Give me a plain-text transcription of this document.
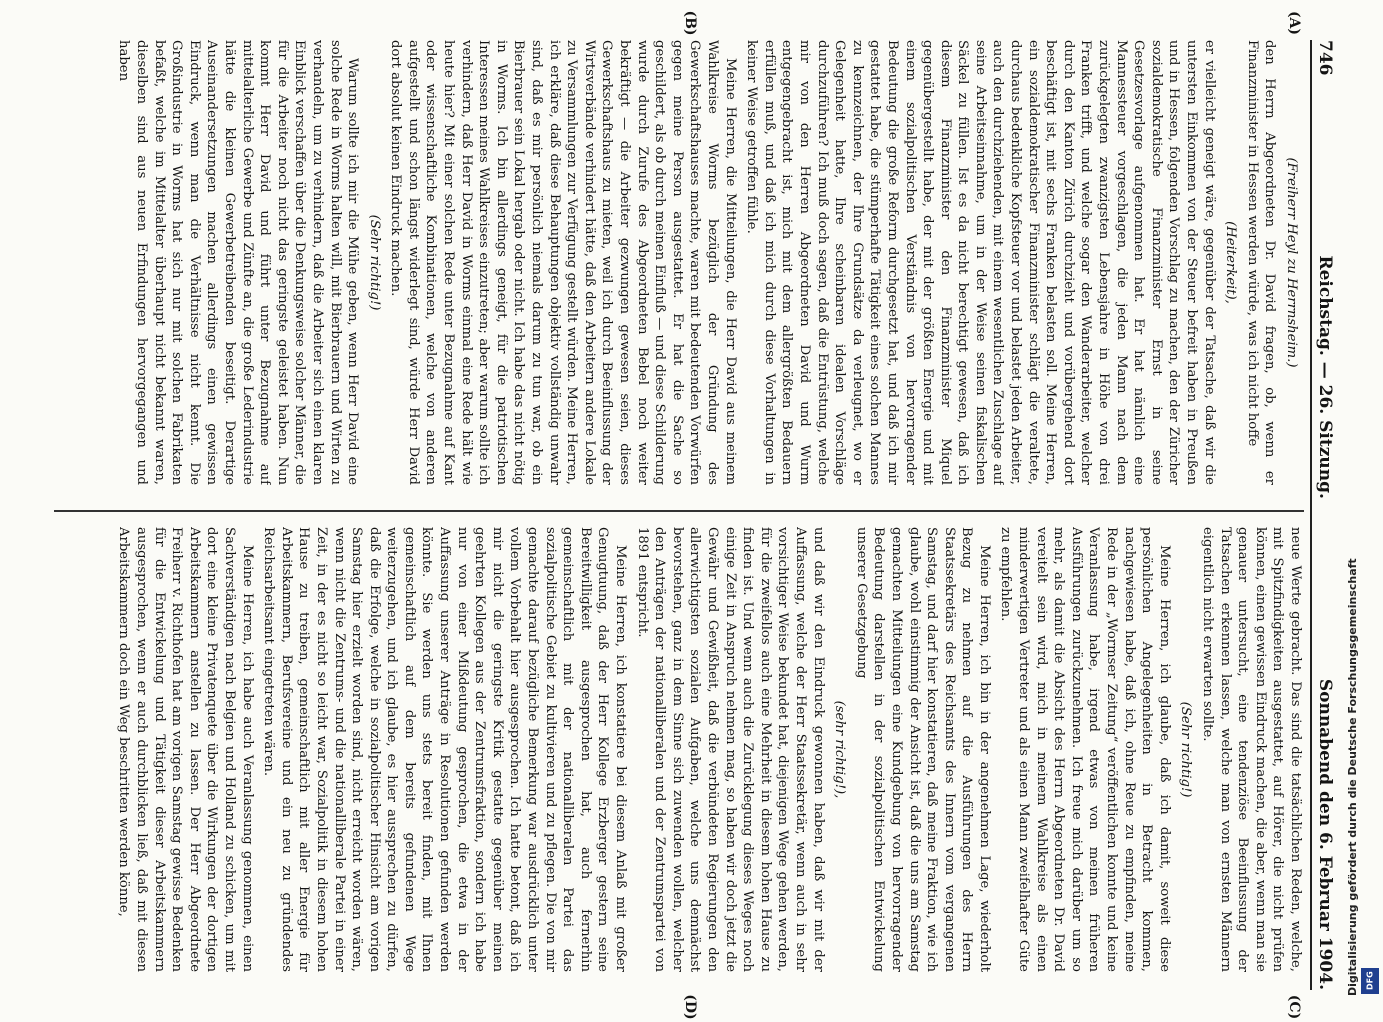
746
Reichstag. — 26. Sitzung.
Sonnabend den 6. Februar 1904.

(Freiherr Heyl zu Herrnsheim.)

den Herrn Abgeordneten Dr. David fragen, ob, wenn er Finanzminister in Hessen werden würde, was ich nicht hoffe

(Heiterkeit),

er vielleicht geneigt wäre, gegenüber der Tatsache, daß wir die untersten Einkommen von der Steuer befreit haben in Preußen und in Hessen, folgenden Vorschlag zu machen, den der Züricher sozialdemokratische Finanzminister Ernst in seine Gesetzesvorlage aufgenommen hat. Er hat nämlich eine Mannessteuer vorgeschlagen, die jeden Mann nach dem zurückgelegten zwanzigsten Lebensjahre in Höhe von drei Franken trifft, und welche sogar den Wanderarbeiter, welcher durch den Kanton Zürich durchzieht und vorübergehend dort beschäftigt ist, mit sechs Franken belasten soll. Meine Herren, ein sozialdemokratischer Finanzminister schlägt die veraltete, durchaus bedenkliche Kopfsteuer vor und belastet jeden Arbeiter, auch den durchziehenden, mit einem wesentlichen Zuschlage auf seine Arbeitseinnahme, um in der Weise seinen fiskalischen Säckel zu füllen. Ist es da nicht berechtigt gewesen, daß ich diesem Finanzminister den Finanzminister Miquel gegenübergestellt habe, der mit der größten Energie und mit einem sozialpolitischen Verständnis von hervorragender Bedeutung die große Reform durchgesetzt hat, und daß ich mir gestattet habe, die stümperhafte Tätigkeit eines solchen Mannes zu kennzeichnen, der Ihre Grundsätze da verleugnet, wo er Gelegenheit hatte, Ihre scheinbaren idealen Vorschläge durchzuführen? Ich muß doch sagen, daß die Entrüstung, welche mir von den Herren Abgeordneten David und Wurm entgegengebracht ist, mich mit dem allergrößten Bedauern erfüllen muß, und daß ich mich durch diese Vorhaltungen in keiner Weise getroffen fühle.

Meine Herren, die Mitteilungen, die Herr David aus meinem Wahlkreise Worms bezüglich der Gründung des Gewerkschaftshauses machte, waren mit bedeutenden Vorwürfen gegen meine Person ausgestattet. Er hat die Sache so geschildert, als ob durch meinen Einfluß — und diese Schilderung wurde durch Zurufe des Abgeordneten Bebel noch weiter bekräftigt — die Arbeiter gezwungen gewesen seien, dieses Gewerkschaftshaus zu mieten, weil ich durch Beeinflussung der Wirtsverbände verhindert hätte, daß den Arbeitern andere Lokale zu Versammlungen zur Verfügung gestellt würden. Meine Herren, ich erkläre, daß diese Behauptungen objektiv vollständig unwahr sind, daß es mir persönlich niemals darum zu tun war, ob ein Bierbrauer sein Lokal hergab oder nicht. Ich habe das nicht nötig in Worms. Ich bin allerdings geneigt, für die patriotischen Interessen meines Wahlkreises einzutreten; aber warum sollte ich verhindern, daß Herr David in Worms einmal eine Rede hält wie heute hier? Mit einer solchen Rede unter Bezugnahme auf Kant oder wissenschaftliche Kombinationen, welche von anderen aufgestellt und schon längst widerlegt sind, würde Herr David dort absolut keinen Eindruck machen.

(Sehr richtig!)

Warum sollte ich mir die Mühe geben, wenn Herr David eine solche Rede in Worms halten will, mit Bierbrauern und Wirten zu verhandeln, um zu verhindern, daß die Arbeiter sich einen klaren Einblick verschaffen über die Denkungsweise solcher Männer, die für die Arbeiter noch nicht das geringste geleistet haben. Nun kommt Herr David und führt unter Bezugnahme auf mittelalterliche Gewerbe und Zünfte an, die große Lederindustrie hätte die kleinen Gewerbetreibenden beseitigt. Derartige Auseinandersetzungen machen allerdings einen gewissen Eindruck, wenn man die Verhältnisse nicht kennt. Die Großindustrie in Worms hat sich nur mit solchen Fabrikaten befaßt, welche im Mittelalter überhaupt nicht bekannt waren, dieselben sind aus neuen Erfindungen hervorgegangen und haben

neue Werte gebracht. Das sind die tatsächlichen Reden, welche, mit Spitzfindigkeiten ausgestattet, auf Hörer, die nicht prüfen können, einen gewissen Eindruck machen, die aber, wenn man sie genauer untersucht, eine tendenziöse Beeinflussung der Tatsachen erkennen lassen, welche man von ernsten Männern eigentlich nicht erwarten sollte.

(Sehr richtig!)

Meine Herren, ich glaube, daß ich damit, soweit diese persönlichen Angelegenheiten in Betracht kommen, nachgewiesen habe, daß ich, ohne Reue zu empfinden, meine Rede in der „Wormser Zeitung“ veröffentlichen konnte und keine Veranlassung habe, irgend etwas von meinen früheren Ausführungen zurückzunehmen. Ich freue mich darüber um so mehr, als damit die Absicht des Herrn Abgeordneten Dr. David vereitelt sein wird, mich in meinem Wahlkreise als einen minderwertigen Vertreter und als einen Mann zweifelhafter Güte zu empfehlen.

Meine Herren, ich bin in der angenehmen Lage, wiederholt Bezug zu nehmen auf die Ausführungen des Herrn Staatssekretärs des Reichsamts des Innern vom vergangenen Samstag, und darf hier konstatieren, daß meine Fraktion, wie ich glaube, wohl einstimmig der Ansicht ist, daß die uns am Samstag gemachten Mitteilungen eine Kundgebung von hervorragender Bedeutung darstellen in der sozialpolitischen Entwickelung unserer Gesetzgebung

(sehr richtig!),

und daß wir den Eindruck gewonnen haben, daß wir mit der Auffassung, welche der Herr Staatssekretär, wenn auch in sehr vorsichtiger Weise bekundet hat, diejenigen Wege gehen werden, für die zweifellos auch eine Mehrheit in diesem hohen Hause zu finden ist. Und wenn auch die Zurücklegung dieses Weges noch einige Zeit in Anspruch nehmen mag, so haben wir doch jetzt die Gewähr und Gewißheit, daß die verbündeten Regierungen den allerwichtigsten sozialen Aufgaben, welche uns demnächst bevorstehen, ganz in dem Sinne sich zuwenden wollen, welcher den Anträgen der nationalliberalen und der Zentrumspartei von 1891 entspricht.

Meine Herren, ich konstatiere bei diesem Anlaß mit großer Genugtuung, daß der Herr Kollege Erzberger gestern seine Bereitwilligkeit ausgesprochen hat, auch fernerhin gemeinschaftlich mit der nationalliberalen Partei das sozialpolitische Gebiet zu kultivieren und zu pflegen. Die von mir gemachte darauf bezügliche Bemerkung war ausdrücklich unter vollem Vorbehalt hier ausgesprochen. Ich hatte betont, daß ich mir nicht die geringste Kritik gestatte gegenüber meinen geehrten Kollegen aus der Zentrumsfraktion, sondern ich habe nur von einer Mißdeutung gesprochen, die etwa in der Auffassung unserer Anträge in Resolutionen gefunden werden könnte. Sie werden uns stets bereit finden, mit Ihnen gemeinschaftlich auf dem bereits gefundenen Wege weiterzugehen, und ich glaube, es hier aussprechen zu dürfen, daß die Erfolge, welche in sozialpolitischer Hinsicht am vorigen Samstag hier erzielt worden sind, nicht erreicht worden wären, wenn nicht die Zentrums- und die nationalliberale Partei in einer Zeit, in der es nicht so leicht war, Sozialpolitik in diesem hohen Hause zu treiben, gemeinschaftlich mit aller Energie für Arbeitskammern, Berufsvereine und ein neu zu gründendes Reichsarbeitsamt eingetreten wären.

Meine Herren, ich habe auch Veranlassung genommen, einen Sachverständigen nach Belgien und Holland zu schicken, um mit dort eine kleine Privatenquete über die Wirkungen der dortigen Arbeitskammern anstellen zu lassen. Der Herr Abgeordnete Freiherr v. Richthofen hat am vorigen Samstag gewisse Bedenken für die Entwickelung und Tätigkeit dieser Arbeitskammern ausgesprochen, wenn er auch durchblicken ließ, daß mit diesen Arbeitskammern doch ein Weg beschritten werden könne,

(A)
(B)
(C)
(D)
Digitalisierung gefördert durch die Deutsche Forschungsgemeinschaft DFG
